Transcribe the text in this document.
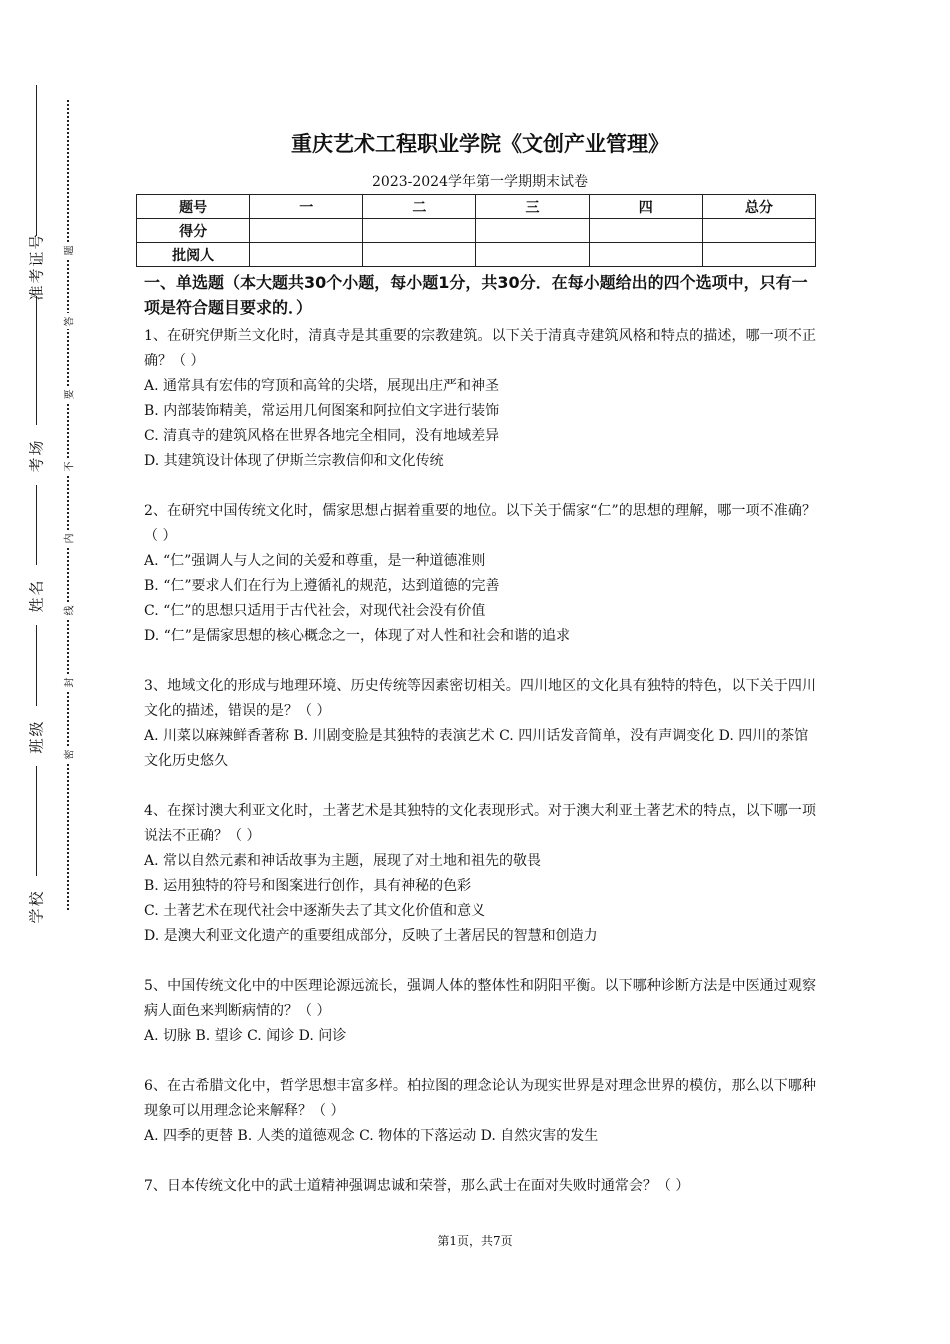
准考证号
考场
姓名
班级
学校
题
答
要
不
内
线
封
密
重庆艺术工程职业学院《文创产业管理》
2023-2024学年第一学期期末试卷
题号	一	二	三	四	总分
得分					
批阅人					
一、单选题（本大题共30个小题，每小题1分，共30分．在每小题给出的四个选项中，只有一项是符合题目要求的．）
1、在研究伊斯兰文化时，清真寺是其重要的宗教建筑。以下关于清真寺建筑风格和特点的描述，哪一项不正确？（ ）
A. 通常具有宏伟的穹顶和高耸的尖塔，展现出庄严和神圣
B. 内部装饰精美，常运用几何图案和阿拉伯文字进行装饰
C. 清真寺的建筑风格在世界各地完全相同，没有地域差异
D. 其建筑设计体现了伊斯兰宗教信仰和文化传统
2、在研究中国传统文化时，儒家思想占据着重要的地位。以下关于儒家“仁”的思想的理解，哪一项不准确？（ ）
A. “仁”强调人与人之间的关爱和尊重，是一种道德准则
B. “仁”要求人们在行为上遵循礼的规范，达到道德的完善
C. “仁”的思想只适用于古代社会，对现代社会没有价值
D. “仁”是儒家思想的核心概念之一，体现了对人性和社会和谐的追求
3、地域文化的形成与地理环境、历史传统等因素密切相关。四川地区的文化具有独特的特色，以下关于四川文化的描述，错误的是？（ ）
A. 川菜以麻辣鲜香著称 B. 川剧变脸是其独特的表演艺术 C. 四川话发音简单，没有声调变化 D. 四川的茶馆文化历史悠久
4、在探讨澳大利亚文化时，土著艺术是其独特的文化表现形式。对于澳大利亚土著艺术的特点，以下哪一项说法不正确？（ ）
A. 常以自然元素和神话故事为主题，展现了对土地和祖先的敬畏
B. 运用独特的符号和图案进行创作，具有神秘的色彩
C. 土著艺术在现代社会中逐渐失去了其文化价值和意义
D. 是澳大利亚文化遗产的重要组成部分，反映了土著居民的智慧和创造力
5、中国传统文化中的中医理论源远流长，强调人体的整体性和阴阳平衡。以下哪种诊断方法是中医通过观察病人面色来判断病情的？（ ）
A. 切脉 B. 望诊 C. 闻诊 D. 问诊
6、在古希腊文化中，哲学思想丰富多样。柏拉图的理念论认为现实世界是对理念世界的模仿，那么以下哪种现象可以用理念论来解释？（ ）
A. 四季的更替 B. 人类的道德观念 C. 物体的下落运动 D. 自然灾害的发生
7、日本传统文化中的武士道精神强调忠诚和荣誉，那么武士在面对失败时通常会？（ ）
第1页，共7页
